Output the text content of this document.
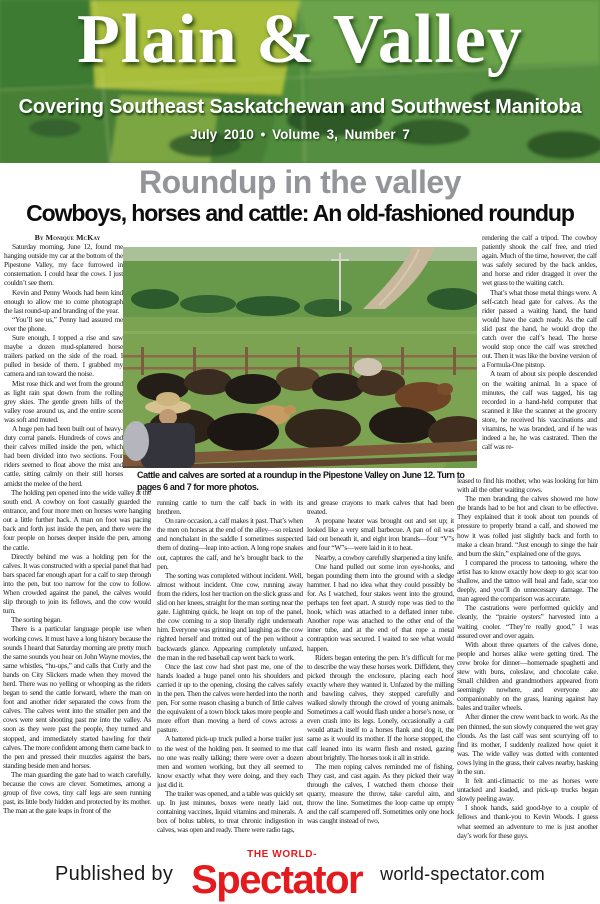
Plain & Valley
Covering Southeast Saskatchewan and Southwest Manitoba
July 2010 • Volume 3, Number 7
Roundup in the valley
Cowboys, horses and cattle: An old-fashioned roundup
Cattle and calves are sorted at a roundup in the Pipestone Valley on June 12. Turn to pages 6 and 7 for more photos.

By Monique McKay

Saturday morning, June 12, found me hanging outside my car at the bottom of the Pipestone Valley, my face furrowed in consternation. I could hear the cows. I just couldn’t see them.

Kevin and Penny Woods had been kind enough to allow me to come photograph the last round-up and branding of the year.

“You’ll see us,” Penny had assured me over the phone.

Sure enough, I topped a rise and saw maybe a dozen mud-splattered horse trailers parked on the side of the road. I pulled in beside of them. I grabbed my camera and ran toward the noise.

Mist rose thick and wet from the ground as light rain spat down from the rolling grey skies. The gentle green hills of the valley rose around us, and the entire scene was soft and muted.

A huge pen had been built out of heavy-duty corral panels. Hundreds of cows and their calves milled inside the pen, which had been divided into two sections. Four riders seemed to float above the mist and cattle, sitting calmly on their still horses amidst the melee of the herd.

The holding pen opened into the wide valley at the south end. A cowboy on foot casually guarded the entrance, and four more men on horses were hanging out a little further back. A man on foot was pacing back and forth just inside the pen, and there were the four people on horses deeper inside the pen, among the cattle.

Directly behind me was a holding pen for the calves. It was constructed with a special panel that had bars spaced far enough apart for a calf to step through into the pen, but too narrow for the cow to follow. When crowded against the panel, the calves would slip through to join its fellows, and the cow would turn.

The sorting began.

There is a particular language people use when working cows. It must have a long history because the sounds I heard that Saturday morning are pretty much the same sounds you hear on John Wayne movies, the same whistles, “hu-ups,” and calls that Curly and the hands on City Slickers made when they moved the herd. There was no yelling or whooping as the riders began to send the cattle forward, where the man on foot and another rider separated the cows from the calves. The calves went into the smaller pen and the cows were sent shooting past me into the valley. As soon as they were past the people, they turned and stopped, and immediately started bawling for their calves. The more confident among them came back to the pen and pressed their muzzles against the bars, standing beside men and horses.

The man guarding the gate had to watch carefully, because the cows are clever. Sometimes, among a group of five cows, tiny calf legs are seen running past, its little body hidden and protected by its mother. The man at the gate leaps in front of the

running cattle to turn the calf back in with its brethren.

On rare occasion, a calf makes it past. That’s when the men on horses at the end of the alley—so relaxed and nonchalant in the saddle I sometimes suspected them of dozing—leap into action. A long rope snakes out, captures the calf, and he’s brought back to the pen.

The sorting was completed without incident. Well, almost without incident. One cow, running away from the riders, lost her traction on the slick grass and slid on her knees, straight for the man sorting near the gate. Lightning quick, he leapt on top of the panel, the cow coming to a stop literally right underneath him. Everyone was grinning and laughing as the cow righted herself and trotted out of the pen without a backwards glance. Appearing completely unfazed, the man in the red baseball cap went back to work.

Once the last cow had shot past me, one of the hands loaded a huge panel onto his shoulders and carried it up to the opening, closing the calves safely in the pen. Then the calves were herded into the north pen. For some reason chasing a bunch of little calves the equivalent of a town block takes more people and more effort than moving a herd of cows across a pasture.

A battered pick-up truck pulled a horse trailer just to the west of the holding pen. It seemed to me that no one was really talking; there were over a dozen men and women working, but they all seemed to know exactly what they were doing, and they each just did it.

The trailer was opened, and a table was quickly set up. In just minutes, boxes were neatly laid out, containing vaccines, liquid vitamins and minerals. A box of bolus tablets, to treat chronic indigestion in calves, was open and ready. There were radio tags,

and grease crayons to mark calves that had been treated.

A propane heater was brought out and set up; it looked like a very small barbecue. A pan of oil was laid out beneath it, and eight iron brands—four “V”s and four “W”s—were laid in it to heat.

Nearby, a cowboy carefully sharpened a tiny knife.

One hand pulled out some iron eye-hooks, and began pounding them into the ground with a sledge hammer. I had no idea what they could possibly be for. As I watched, four stakes went into the ground, perhaps ten feet apart. A sturdy rope was tied to the hook, which was attached to a deflated inner tube. Another rope was attached to the other end of the inner tube, and at the end of that rope a metal contraption was secured. I waited to see what would happen.

Riders began entering the pen. It’s difficult for me to describe the way these horses work. Diffident, they picked through the enclosure, placing each hoof exactly where they wanted it. Unfazed by the milling and bawling calves, they stepped carefully and walked slowly through the crowd of young animals. Sometimes a calf would flash under a horse’s nose, or even crash into its legs. Lonely, occasionally a calf would attach itself to a horses flank and dog it, the same as it would its mother. If the horse stopped, the calf leaned into its warm flesh and rested, gazing about brightly. The horses took it all in stride.

The men roping calves reminded me of fishing. They cast, and cast again. As they picked their way through the calves, I watched them choose their quarry, measure the throw, take careful aim, and throw the line. Sometimes the loop came up empty and the calf scampered off. Sometimes only one hock was caught instead of two,

rendering the calf a tripod. The cowboy patiently shook the calf free, and tried again. Much of the time, however, the calf was safely secured by the back ankles, and horse and rider dragged it over the wet grass to the waiting catch.

That’s what those metal things were. A self-catch head gate for calves. As the rider passed a waiting hand, the hand would have the catch ready. As the calf slid past the hand, he would drop the catch over the calf’s head. The horse would stop once the calf was stretched out. Then it was like the bovine version of a Formula-One pitstop.

A team of about six people descended on the waiting animal. In a space of minutes, the calf was tagged, his tag recorded in a hand-held computer that scanned it like the scanner at the grocery store, he received his vaccinations and vitamins, he was branded, and if he was indeed a he, he was castrated. Then the calf was re-

leased to find his mother, who was looking for him with all the other waiting cows.

The men branding the calves showed me how the brands had to be hot and clean to be effective. They explained that it took about ten pounds of pressure to properly brand a calf, and showed me how it was rolled just slightly back and forth to make a clean brand. “Just enough to singe the hair and burn the skin,” explained one of the guys.

I compared the process to tattooing, where the artist has to know exactly how deep to go; scar too shallow, and the tattoo will heal and fade, scar too deeply, and you’ll do unnecessary damage. The man agreed the comparison was accurate.

The castrations were performed quickly and cleanly, the “prairie oysters” harvested into a waiting cooler. “They’re really good,” I was assured over and over again.

With about three quarters of the calves done, people and horses alike were getting tired. The crew broke for dinner—homemade spaghetti and stew with buns, coleslaw, and chocolate cake. Small children and grandmothers appeared from seemingly nowhere, and everyone ate companionably on the grass, leaning against hay bales and trailer wheels.

After dinner the crew went back to work. As the pen thinned, the sun slowly conquered the wet gray clouds. As the last calf was sent scurrying off to find its mother, I suddenly realized how quiet it was. The wide valley was dotted with contented cows lying in the grass, their calves nearby, basking in the sun.

It felt anti-climactic to me as horses were untacked and loaded, and pick-up trucks began slowly peeling away.

I shook hands, said good-bye to a couple of fellows and thank-you to Kevin Woods. I guess what seemed an adventure to me is just another day’s work for these guys.

Published by
THE WORLD-
Spectator world-spectator.com
